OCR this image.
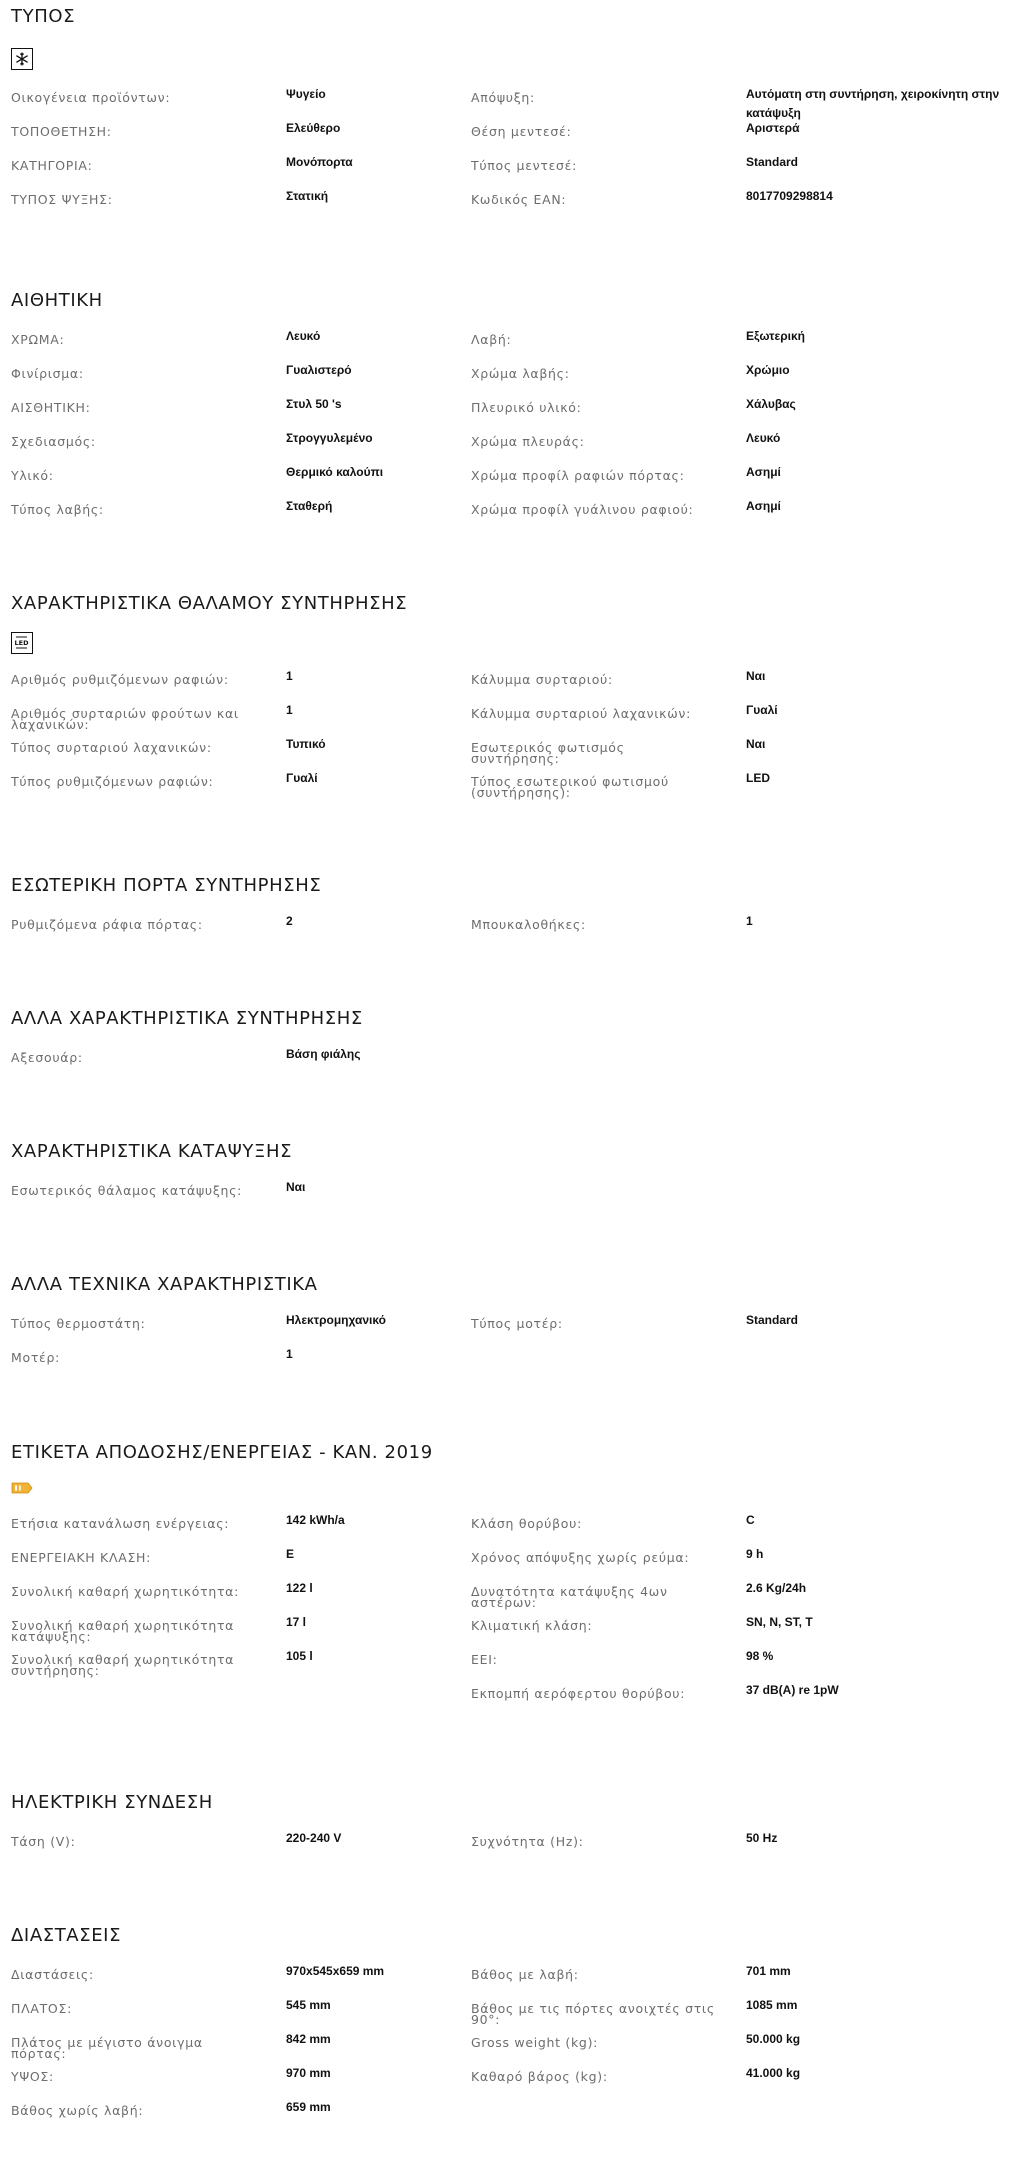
ΤΥΠΟΣ
Οικογένεια προϊόντων:	Ψυγείο
ΤΟΠΟΘΕΤΗΣΗ:	Ελεύθερο
ΚΑΤΗΓΟΡΙΑ:	Μονόπορτα
ΤΥΠΟΣ ΨΥΞΗΣ:	Στατική
Απόψυξη:	Αυτόματη στη συντήρηση, χειροκίνητη στην κατάψυξη
Θέση μεντεσέ:	Αριστερά
Τύπος μεντεσέ:	Standard
Κωδικός EAN:	8017709298814
ΑΙΘΗΤΙΚΗ
ΧΡΩΜΑ:	Λευκό
Φινίρισμα:	Γυαλιστερό
ΑΙΣΘΗΤΙΚΗ:	Στυλ 50 's
Σχεδιασμός:	Στρογγυλεμένο
Υλικό:	Θερμικό καλούπι
Τύπος λαβής:	Σταθερή
Λαβή:	Εξωτερική
Χρώμα λαβής:	Χρώμιο
Πλευρικό υλικό:	Χάλυβας
Χρώμα πλευράς:	Λευκό
Χρώμα προφίλ ραφιών πόρτας:	Ασημί
Χρώμα προφίλ γυάλινου ραφιού:	Ασημί
ΧΑΡΑΚΤΗΡΙΣΤΙΚΑ ΘΑΛΑΜΟΥ ΣΥΝΤΗΡΗΣΗΣ
LED
Αριθμός ρυθμιζόμενων ραφιών:	1
Αριθμός συρταριών φρούτων και λαχανικών:
1
Τύπος συρταριού λαχανικών:	Τυπικό
Τύπος ρυθμιζόμενων ραφιών:	Γυαλί
Κάλυμμα συρταριού:	Ναι
Κάλυμμα συρταριού λαχανικών:	Γυαλί
Εσωτερικός φωτισμός συντήρησης:
Ναι
Τύπος εσωτερικού φωτισμού (συντήρησης):
LED
ΕΣΩΤΕΡΙΚΗ ΠΟΡΤΑ ΣΥΝΤΗΡΗΣΗΣ
Ρυθμιζόμενα ράφια πόρτας:	2	Μπουκαλοθήκες:	1
ΑΛΛΑ ΧΑΡΑΚΤΗΡΙΣΤΙΚΑ ΣΥΝΤΗΡΗΣΗΣ
Αξεσουάρ:	Βάση φιάλης
ΧΑΡΑΚΤΗΡΙΣΤΙΚΑ ΚΑΤΑΨΥΞΗΣ
Εσωτερικός θάλαμος κατάψυξης:	Ναι
ΑΛΛΑ ΤΕΧΝΙΚΑ ΧΑΡΑΚΤΗΡΙΣΤΙΚΑ
Τύπος θερμοστάτη:	Ηλεκτρομηχανικό
Μοτέρ:	1
Τύπος μοτέρ:	Standard
ΕΤΙΚΕΤΑ ΑΠΟΔΟΣΗΣ/ΕΝΕΡΓΕΙΑΣ - ΚΑΝ. 2019
Ετήσια κατανάλωση ενέργειας:	142 kWh/a
ΕΝΕΡΓΕΙΑΚΗ ΚΛΑΣΗ:	E
Συνολική καθαρή χωρητικότητα:	122 l
Συνολική καθαρή χωρητικότητα κατάψυξης:
17 l
Συνολική καθαρή χωρητικότητα συντήρησης:
105 l
Κλάση θορύβου:	C
Χρόνος απόψυξης χωρίς ρεύμα:	9 h
Δυνατότητα κατάψυξης 4ων αστέρων:
2.6 Kg/24h
Κλιματική κλάση:	SN, N, ST, T
EEI:	98 %
Εκπομπή αερόφερτου θορύβου:	37 dB(A) re 1pW
ΗΛΕΚΤΡΙΚΗ ΣΥΝΔΕΣΗ
Τάση (V):	220-240 V	Συχνότητα (Hz):	50 Hz
ΔΙΑΣΤΑΣΕΙΣ
Διαστάσεις:	970x545x659 mm
ΠΛΑΤΟΣ:	545 mm
Πλάτος με μέγιστο άνοιγμα πόρτας:
842 mm
ΥΨΟΣ:	970 mm
Βάθος χωρίς λαβή:	659 mm
Βάθος με λαβή:	701 mm
Βάθος με τις πόρτες ανοιχτές στις 90°:
1085 mm
Gross weight (kg):	50.000 kg
Καθαρό βάρος (kg):	41.000 kg
